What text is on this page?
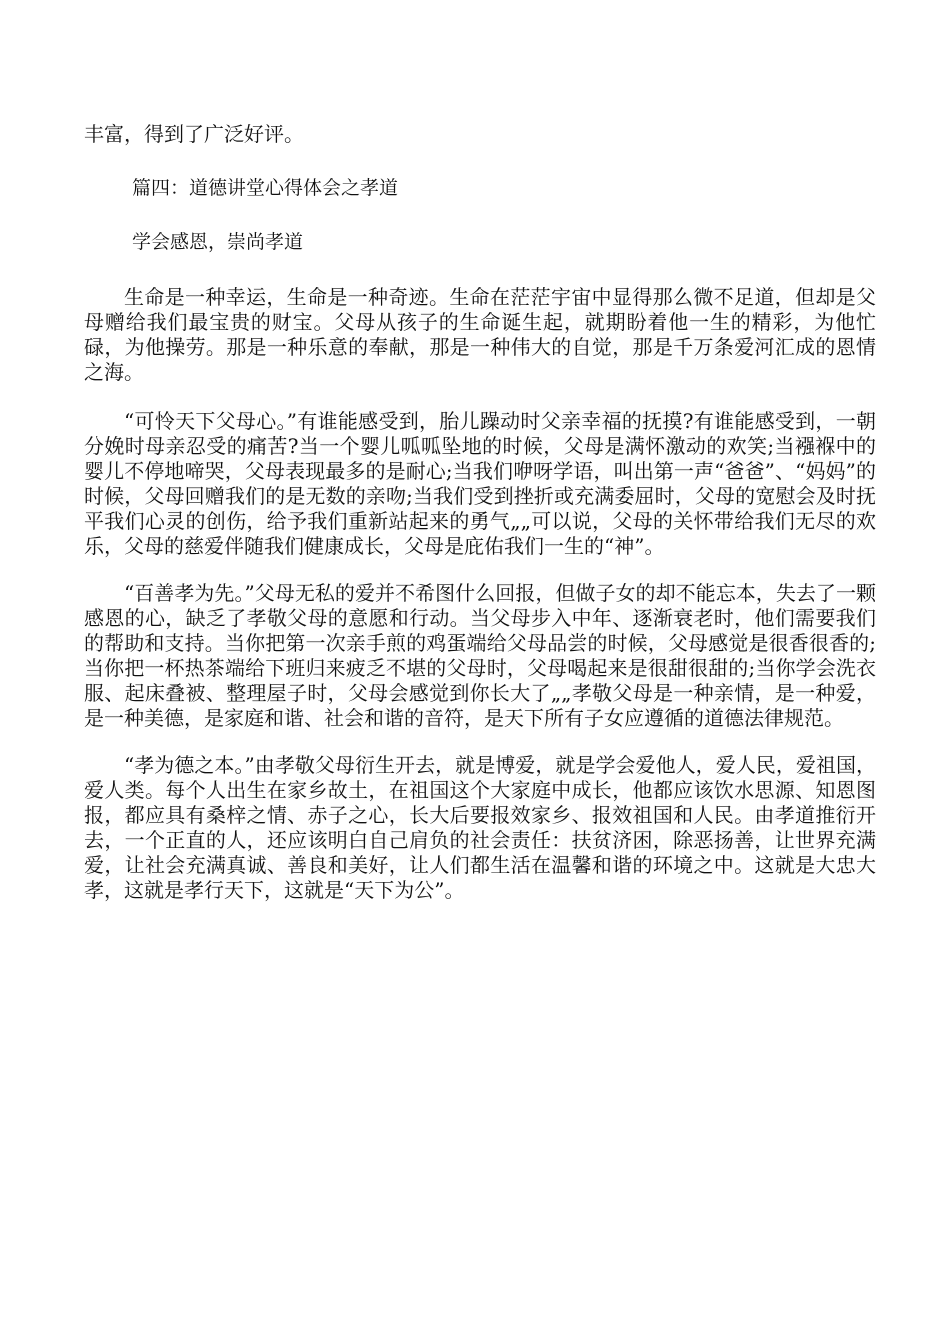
丰富，得到了广泛好评。

篇四：道德讲堂心得体会之孝道

学会感恩，崇尚孝道

生命是一种幸运，生命是一种奇迹。生命在茫茫宇宙中显得那么微不足道，但却是父母赠给我们最宝贵的财宝。父母从孩子的生命诞生起，就期盼着他一生的精彩，为他忙碌，为他操劳。那是一种乐意的奉献，那是一种伟大的自觉，那是千万条爱河汇成的恩情之海。

“可怜天下父母心。”有谁能感受到，胎儿躁动时父亲幸福的抚摸?有谁能感受到，一朝分娩时母亲忍受的痛苦?当一个婴儿呱呱坠地的时候，父母是满怀激动的欢笑;当襁褓中的婴儿不停地啼哭，父母表现最多的是耐心;当我们咿呀学语，叫出第一声“爸爸”、“妈妈”的时候，父母回赠我们的是无数的亲吻;当我们受到挫折或充满委屈时，父母的宽慰会及时抚平我们心灵的创伤，给予我们重新站起来的勇气„„可以说，父母的关怀带给我们无尽的欢乐，父母的慈爱伴随我们健康成长，父母是庇佑我们一生的“神”。

“百善孝为先。”父母无私的爱并不希图什么回报，但做子女的却不能忘本，失去了一颗感恩的心，缺乏了孝敬父母的意愿和行动。当父母步入中年、逐渐衰老时，他们需要我们的帮助和支持。当你把第一次亲手煎的鸡蛋端给父母品尝的时候，父母感觉是很香很香的;当你把一杯热茶端给下班归来疲乏不堪的父母时，父母喝起来是很甜很甜的;当你学会洗衣服、起床叠被、整理屋子时，父母会感觉到你长大了„„孝敬父母是一种亲情，是一种爱，是一种美德，是家庭和谐、社会和谐的音符，是天下所有子女应遵循的道德法律规范。

“孝为德之本。”由孝敬父母衍生开去，就是博爱，就是学会爱他人，爱人民，爱祖国，爱人类。每个人出生在家乡故土，在祖国这个大家庭中成长，他都应该饮水思源、知恩图报，都应具有桑梓之情、赤子之心，长大后要报效家乡、报效祖国和人民。由孝道推衍开去，一个正直的人，还应该明白自己肩负的社会责任：扶贫济困，除恶扬善，让世界充满爱，让社会充满真诚、善良和美好，让人们都生活在温馨和谐的环境之中。这就是大忠大孝，这就是孝行天下，这就是“天下为公”。
